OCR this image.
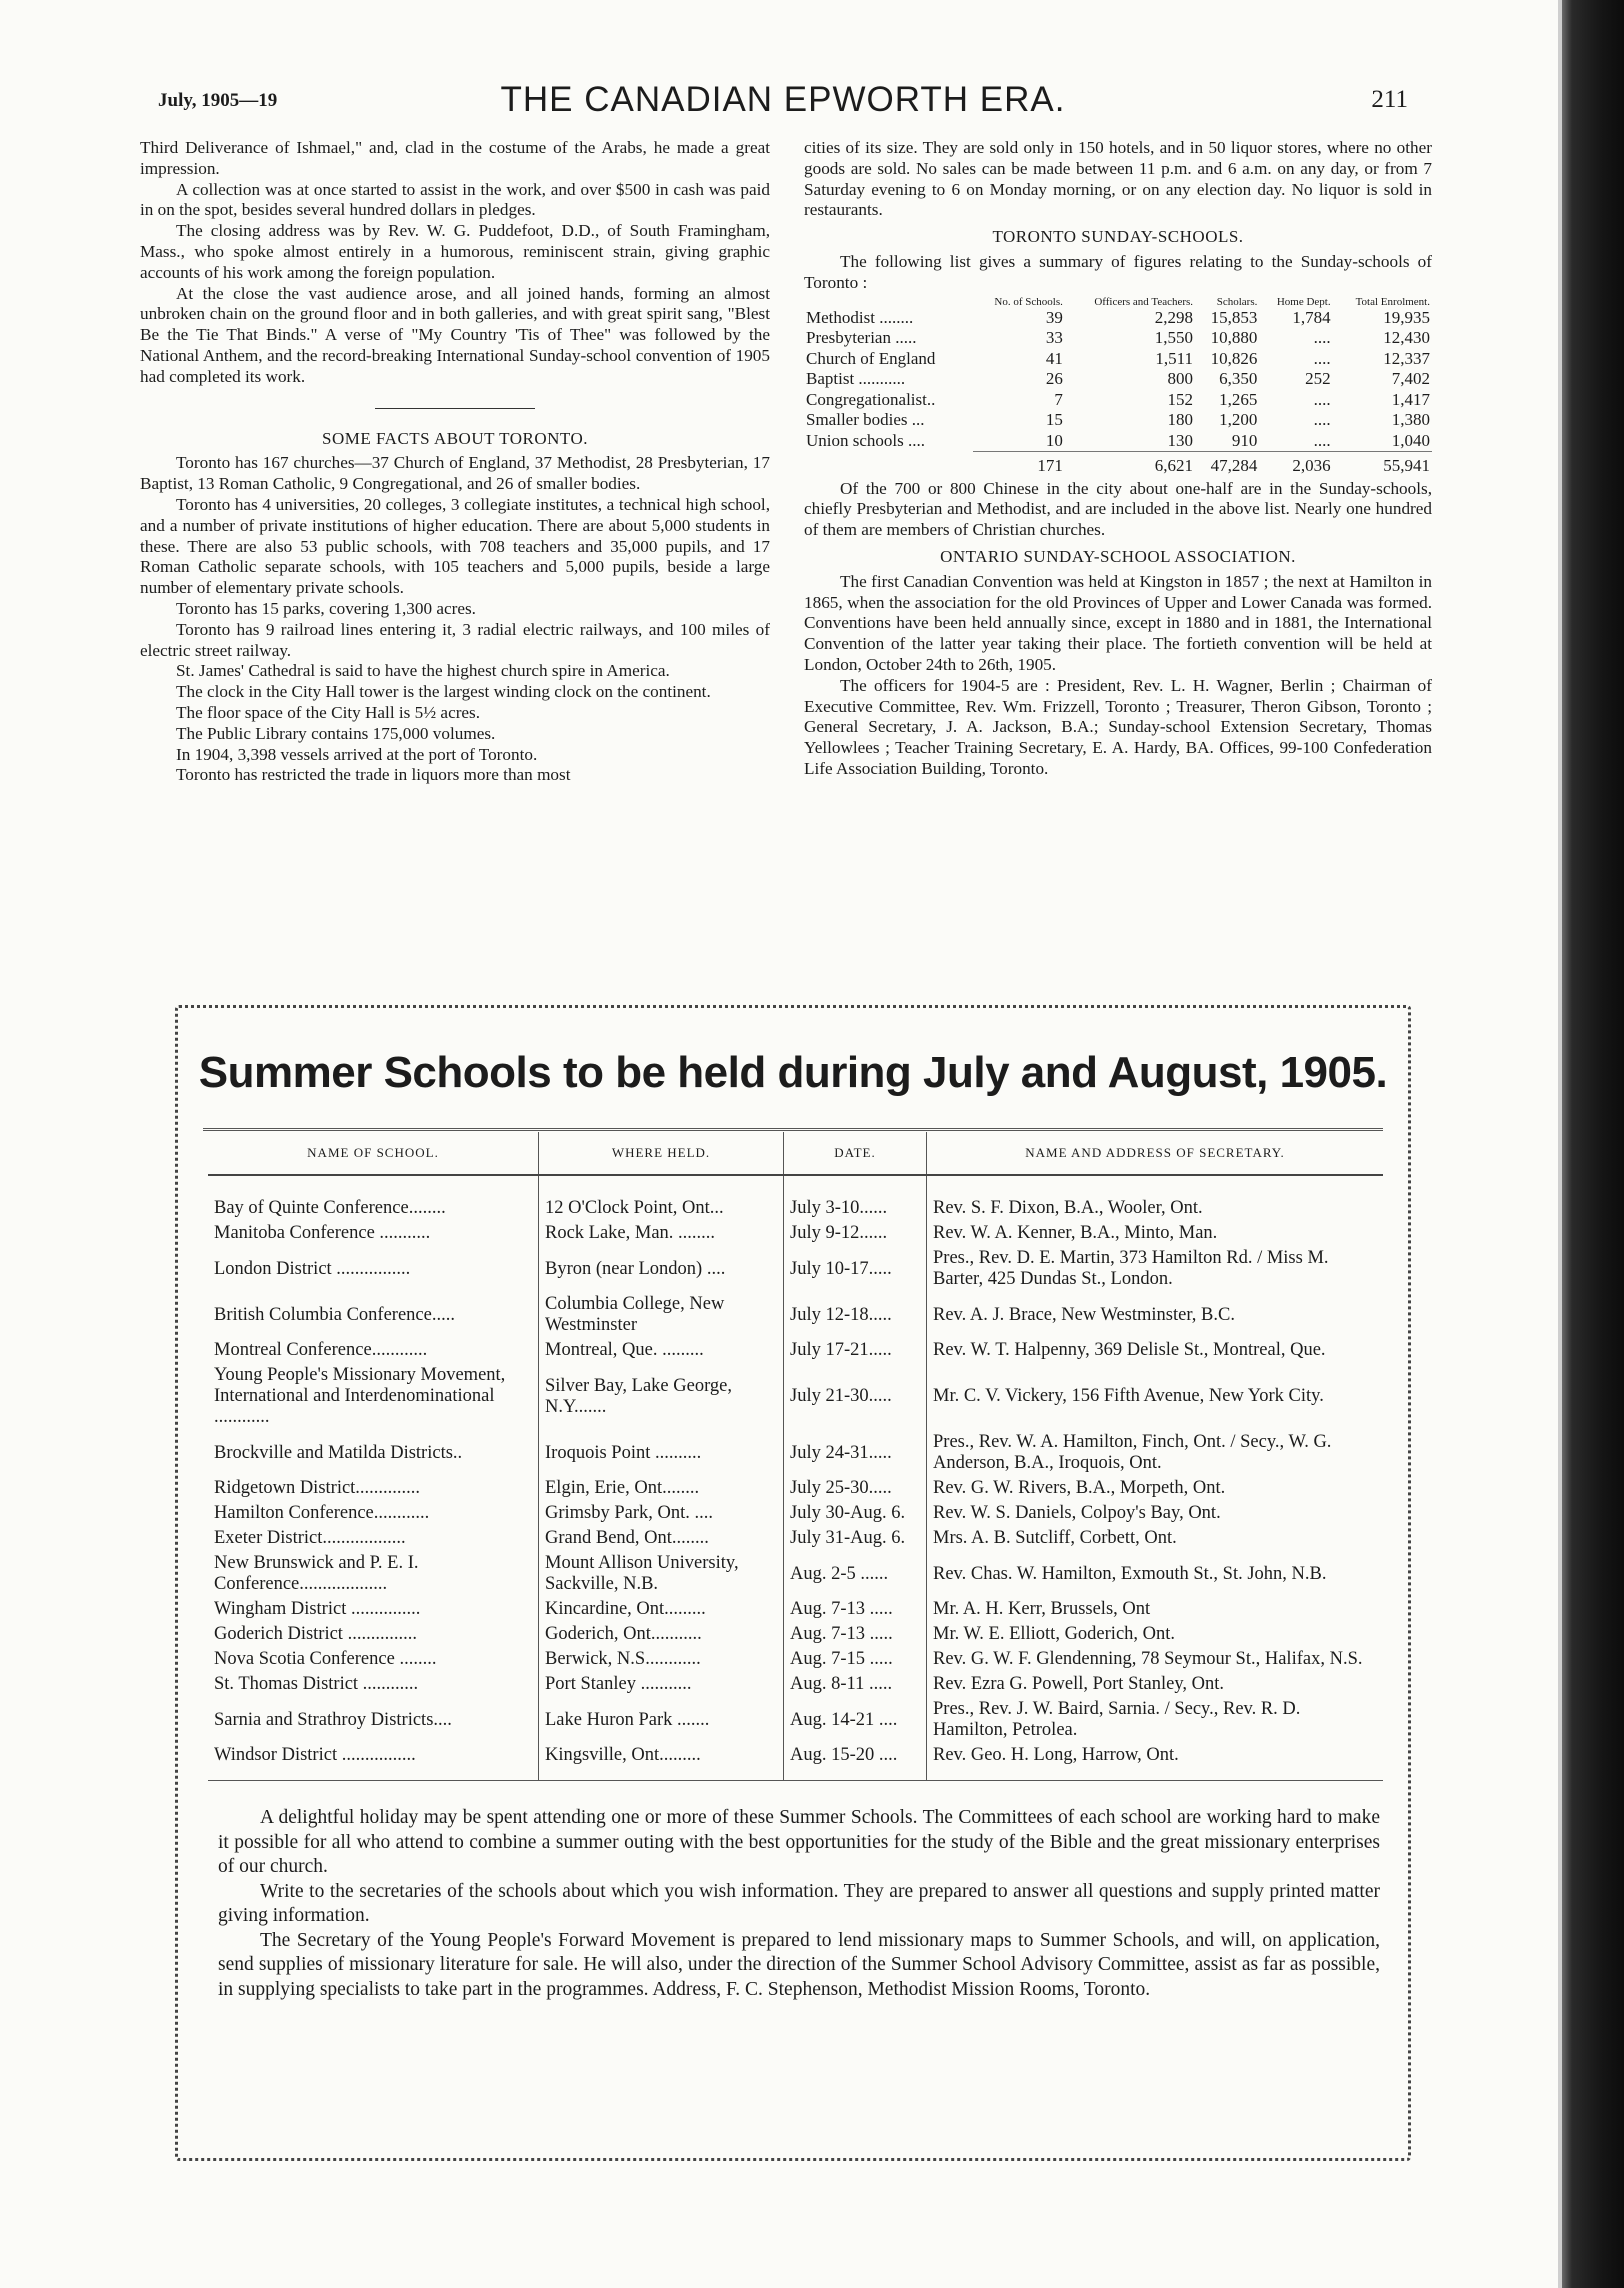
July, 1905—19	THE CANADIAN EPWORTH ERA.	211

Third Deliverance of Ishmael," and, clad in the costume of the Arabs, he made a great impression.

A collection was at once started to assist in the work, and over $500 in cash was paid in on the spot, besides several hundred dollars in pledges.

The closing address was by Rev. W. G. Puddefoot, D.D., of South Framingham, Mass., who spoke almost entirely in a humorous, reminiscent strain, giving graphic accounts of his work among the foreign population.

At the close the vast audience arose, and all joined hands, forming an almost unbroken chain on the ground floor and in both galleries, and with great spirit sang, "Blest Be the Tie That Binds." A verse of "My Country 'Tis of Thee" was followed by the National Anthem, and the record-breaking International Sunday-school convention of 1905 had completed its work.

SOME FACTS ABOUT TORONTO.

Toronto has 167 churches—37 Church of England, 37 Methodist, 28 Presbyterian, 17 Baptist, 13 Roman Catholic, 9 Congregational, and 26 of smaller bodies.

Toronto has 4 universities, 20 colleges, 3 collegiate institutes, a technical high school, and a number of private institutions of higher education. There are about 5,000 students in these. There are also 53 public schools, with 708 teachers and 35,000 pupils, and 17 Roman Catholic separate schools, with 105 teachers and 5,000 pupils, beside a large number of elementary private schools.

Toronto has 15 parks, covering 1,300 acres.

Toronto has 9 railroad lines entering it, 3 radial electric railways, and 100 miles of electric street railway.

St. James' Cathedral is said to have the highest church spire in America.

The clock in the City Hall tower is the largest winding clock on the continent.

The floor space of the City Hall is 5½ acres.

The Public Library contains 175,000 volumes.

In 1904, 3,398 vessels arrived at the port of Toronto.

Toronto has restricted the trade in liquors more than most

cities of its size. They are sold only in 150 hotels, and in 50 liquor stores, where no other goods are sold. No sales can be made between 11 p.m. and 6 a.m. on any day, or from 7 Saturday evening to 6 on Monday morning, or on any election day. No liquor is sold in restaurants.

TORONTO SUNDAY-SCHOOLS.

The following list gives a summary of figures relating to the Sunday-schools of Toronto :

	No. of Schools.	Officers and Teachers.	Scholars.	Home Dept.	Total Enrolment.
Methodist ........	39	2,298	15,853	1,784	19,935
Presbyterian .....	33	1,550	10,880	....	12,430
Church of England	41	1,511	10,826	....	12,337
Baptist ...........	26	800	6,350	252	7,402
Congregationalist..	7	152	1,265	....	1,417
Smaller bodies ...	15	180	1,200	....	1,380
Union schools ....	10	130	910	....	1,040
	171	6,621	47,284	2,036	55,941

Of the 700 or 800 Chinese in the city about one-half are in the Sunday-schools, chiefly Presbyterian and Methodist, and are included in the above list. Nearly one hundred of them are members of Christian churches.

ONTARIO SUNDAY-SCHOOL ASSOCIATION.

The first Canadian Convention was held at Kingston in 1857 ; the next at Hamilton in 1865, when the association for the old Provinces of Upper and Lower Canada was formed. Conventions have been held annually since, except in 1880 and in 1881, the International Convention of the latter year taking their place. The fortieth convention will be held at London, October 24th to 26th, 1905.

The officers for 1904-5 are : President, Rev. L. H. Wagner, Berlin ; Chairman of Executive Committee, Rev. Wm. Frizzell, Toronto ; Treasurer, Theron Gibson, Toronto ; General Secretary, J. A. Jackson, B.A.; Sunday-school Extension Secretary, Thomas Yellowlees ; Teacher Training Secretary, E. A. Hardy, BA. Offices, 99-100 Confederation Life Association Building, Toronto.

Summer Schools to be held during July and August, 1905.
NAME OF SCHOOL.	WHERE HELD.	DATE.	NAME AND ADDRESS OF SECRETARY.

Bay of Quinte Conference........	12 O'Clock Point, Ont...	July 3-10......	Rev. S. F. Dixon, B.A., Wooler, Ont.
Manitoba Conference ...........	Rock Lake, Man. ........	July 9-12......	Rev. W. A. Kenner, B.A., Minto, Man.
London District ................	Byron (near London) ....	July 10-17.....	Pres., Rev. D. E. Martin, 373 Hamilton Rd. / Miss M. Barter, 425 Dundas St., London.
British Columbia Conference.....	Columbia College, New Westminster	July 12-18.....	Rev. A. J. Brace, New Westminster, B.C.
Montreal Conference............	Montreal, Que. .........	July 17-21.....	Rev. W. T. Halpenny, 369 Delisle St., Montreal, Que.
Young People's Missionary Movement, International and Interdenominational ............	Silver Bay, Lake George, N.Y.......	July 21-30.....	Mr. C. V. Vickery, 156 Fifth Avenue, New York City.
Brockville and Matilda Districts..	Iroquois Point ..........	July 24-31.....	Pres., Rev. W. A. Hamilton, Finch, Ont. / Secy., W. G. Anderson, B.A., Iroquois, Ont.
Ridgetown District..............	Elgin, Erie, Ont........	July 25-30.....	Rev. G. W. Rivers, B.A., Morpeth, Ont.
Hamilton Conference............	Grimsby Park, Ont. ....	July 30-Aug. 6.	Rev. W. S. Daniels, Colpoy's Bay, Ont.
Exeter District..................	Grand Bend, Ont........	July 31-Aug. 6.	Mrs. A. B. Sutcliff, Corbett, Ont.
New Brunswick and P. E. I. Conference...................	Mount Allison University, Sackville, N.B.	Aug. 2-5 ......	Rev. Chas. W. Hamilton, Exmouth St., St. John, N.B.
Wingham District ...............	Kincardine, Ont.........	Aug. 7-13 .....	Mr. A. H. Kerr, Brussels, Ont
Goderich District ...............	Goderich, Ont...........	Aug. 7-13 .....	Mr. W. E. Elliott, Goderich, Ont.
Nova Scotia Conference ........	Berwick, N.S............	Aug. 7-15 .....	Rev. G. W. F. Glendenning, 78 Seymour St., Halifax, N.S.
St. Thomas District ............	Port Stanley ...........	Aug. 8-11 .....	Rev. Ezra G. Powell, Port Stanley, Ont.
Sarnia and Strathroy Districts....	Lake Huron Park .......	Aug. 14-21 ....	Pres., Rev. J. W. Baird, Sarnia. / Secy., Rev. R. D. Hamilton, Petrolea.
Windsor District ................	Kingsville, Ont.........	Aug. 15-20 ....	Rev. Geo. H. Long, Harrow, Ont.

A delightful holiday may be spent attending one or more of these Summer Schools. The Committees of each school are working hard to make it possible for all who attend to combine a summer outing with the best opportunities for the study of the Bible and the great missionary enterprises of our church.

Write to the secretaries of the schools about which you wish information. They are prepared to answer all questions and supply printed matter giving information.

The Secretary of the Young People's Forward Movement is prepared to lend missionary maps to Summer Schools, and will, on application, send supplies of missionary literature for sale. He will also, under the direction of the Summer School Advisory Committee, assist as far as possible, in supplying specialists to take part in the programmes. Address, F. C. Stephenson, Methodist Mission Rooms, Toronto.
